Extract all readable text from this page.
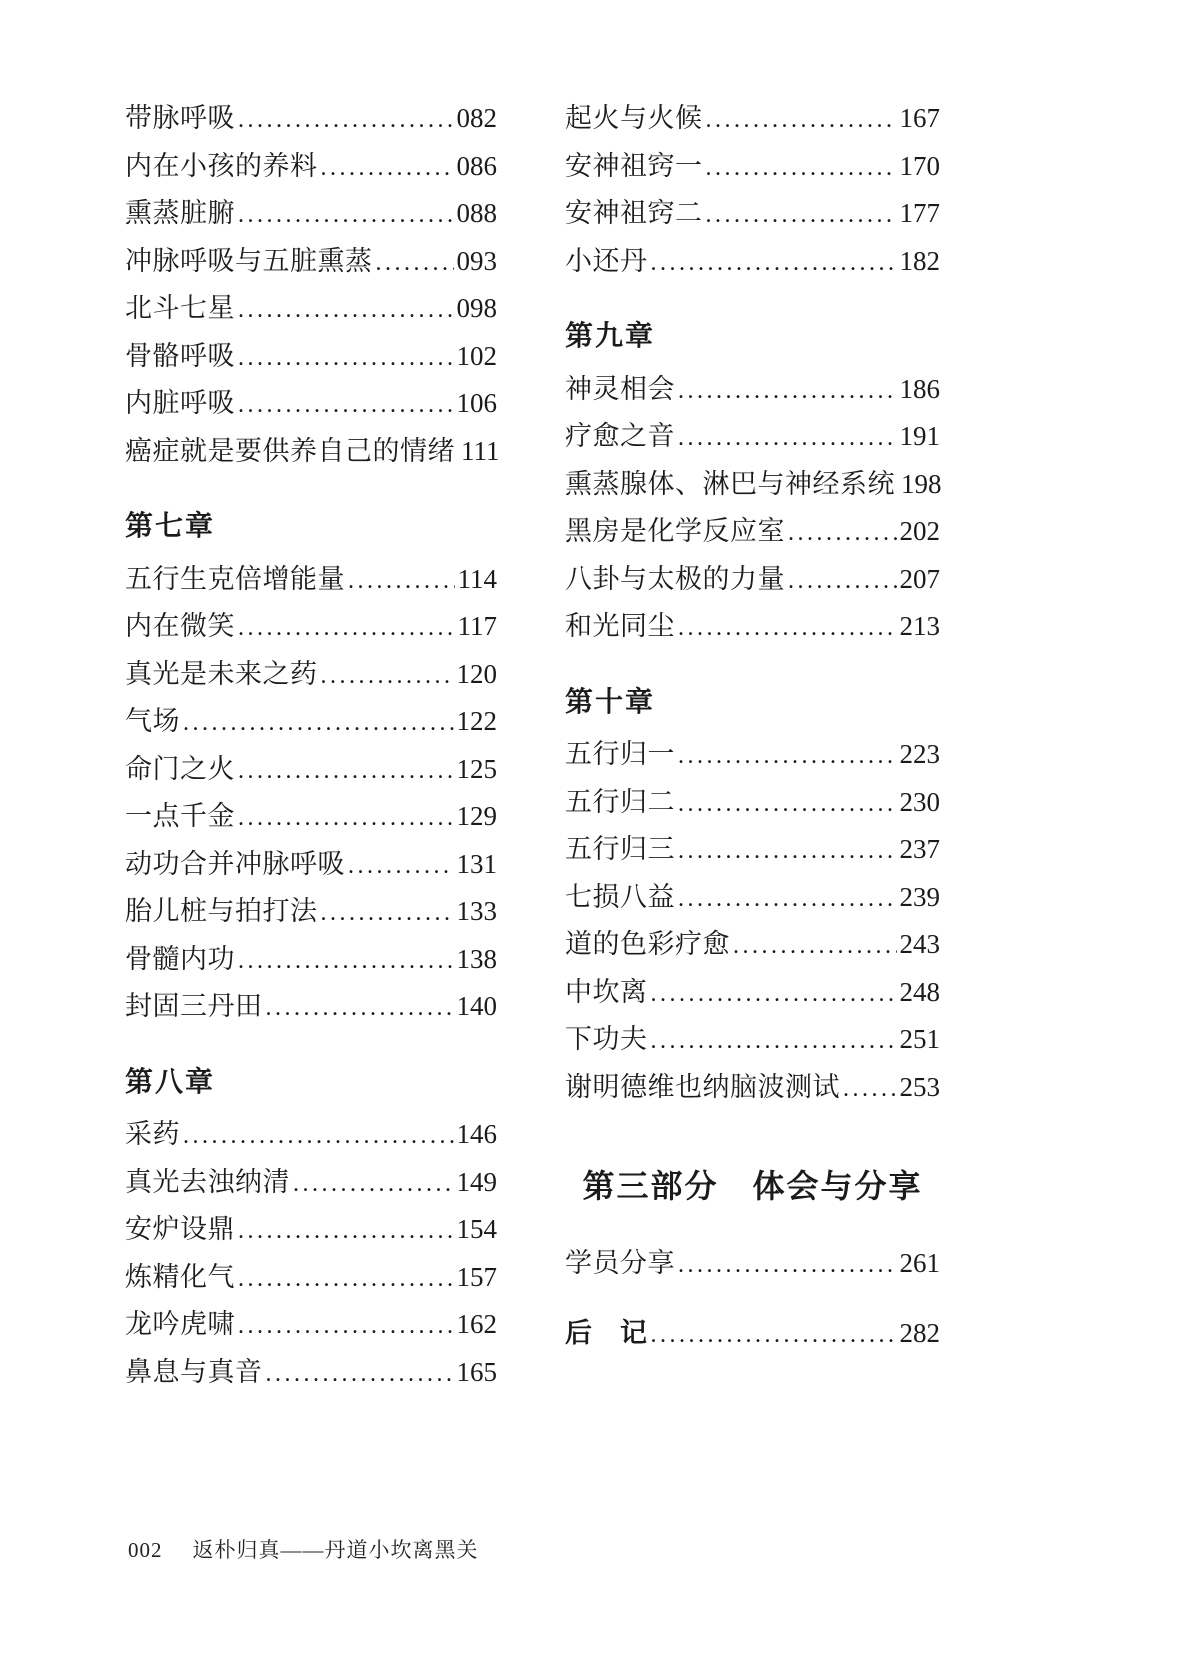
带脉呼吸 .....	082
内在小孩的养料 .....	086
熏蒸脏腑 .....	088
冲脉呼吸与五脏熏蒸 .....	093
北斗七星 .....	098
骨骼呼吸 .....	102
内脏呼吸 .....	106
癌症就是要供养自己的情绪 111
第七章
五行生克倍增能量 .....	114
内在微笑 .....	117
真光是未来之药 .....	120
气场 .....	122
命门之火 .....	125
一点千金 .....	129
动功合并冲脉呼吸 .....	131
胎儿桩与拍打法 .....	133
骨髓内功 .....	138
封固三丹田 .....	140
第八章
采药 .....	146
真光去浊纳清 .....	149
安炉设鼎 .....	154
炼精化气 .....	157
龙吟虎啸 .....	162
鼻息与真音 .....	165
起火与火候 .....	167
安神祖窍一 .....	170
安神祖窍二 .....	177
小还丹 .....	182
第九章
神灵相会 .....	186
疗愈之音 .....	191
熏蒸腺体、淋巴与神经系统 198
黑房是化学反应室 .....	202
八卦与太极的力量 .....	207
和光同尘 .....	213
第十章
五行归一 .....	223
五行归二 .....	230
五行归三 .....	237
七损八益 .....	239
道的色彩疗愈 .....	243
中坎离 .....	248
下功夫 .....	251
谢明德维也纳脑波测试 ..... 253
第三部分　体会与分享
学员分享 .....	261
后　记 .....	282
002 返朴归真——丹道小坎离黑关
